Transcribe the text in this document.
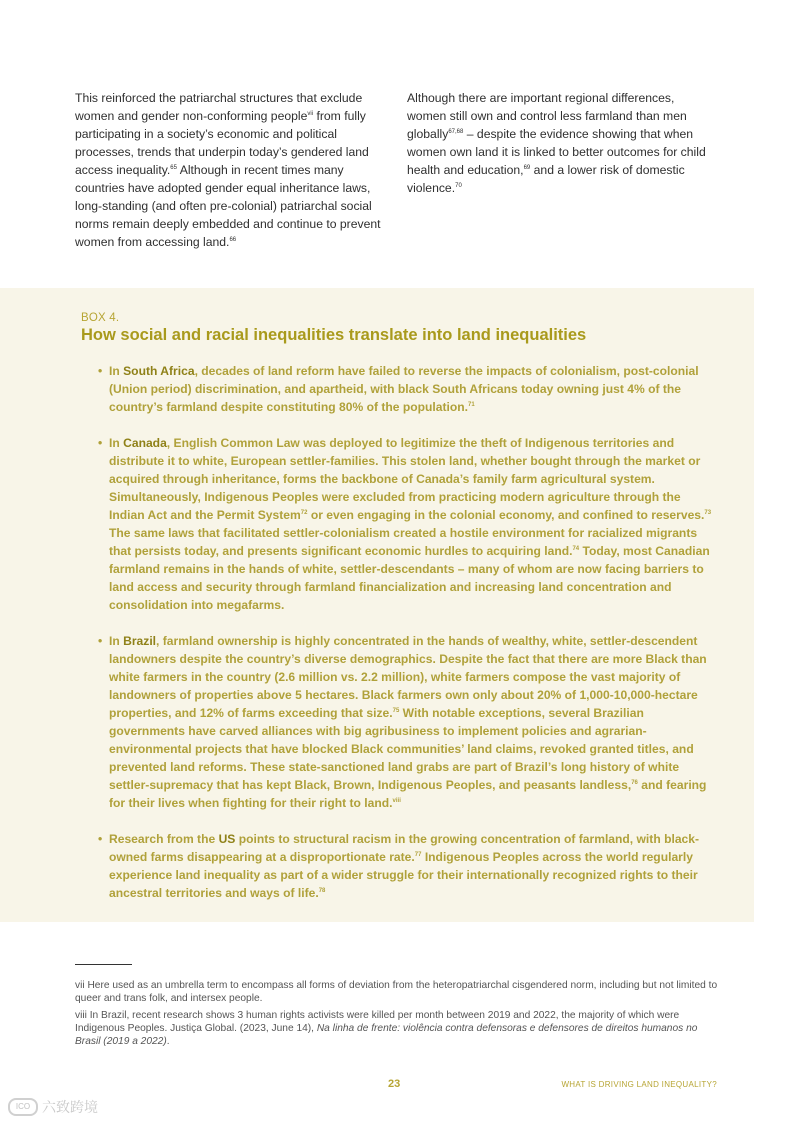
This reinforced the patriarchal structures that exclude women and gender non-conforming people$^{vii}$ from fully participating in a society’s economic and political processes, trends that underpin today’s gendered land access inequality.$^{65}$ Although in recent times many countries have adopted gender equal inheritance laws, long-standing (and often pre-colonial) patriarchal social norms remain deeply embedded and continue to prevent women from accessing land.$^{66}$
Although there are important regional differences, women still own and control less farmland than men globally$^{67,68}$ – despite the evidence showing that when women own land it is linked to better outcomes for child health and education,$^{69}$ and a lower risk of domestic violence.$^{70}$
BOX 4.
How social and racial inequalities translate into land inequalities
• In South Africa, decades of land reform have failed to reverse the impacts of colonialism, post-colonial (Union period) discrimination, and apartheid, with black South Africans today owning just 4% of the country’s farmland despite constituting 80% of the population.$^{71}$
• In Canada, English Common Law was deployed to legitimize the theft of Indigenous territories and distribute it to white, European settler-families. This stolen land, whether bought through the market or acquired through inheritance, forms the backbone of Canada’s family farm agricultural system. Simultaneously, Indigenous Peoples were excluded from practicing modern agriculture through the Indian Act and the Permit System$^{72}$ or even engaging in the colonial economy, and confined to reserves.$^{73}$ The same laws that facilitated settler-colonialism created a hostile environment for racialized migrants that persists today, and presents significant economic hurdles to acquiring land.$^{74}$ Today, most Canadian farmland remains in the hands of white, settler-descendants – many of whom are now facing barriers to land access and security through farmland financialization and increasing land concentration and consolidation into megafarms.
• In Brazil, farmland ownership is highly concentrated in the hands of wealthy, white, settler-descendent landowners despite the country’s diverse demographics. Despite the fact that there are more Black than white farmers in the country (2.6 million vs. 2.2 million), white farmers compose the vast majority of landowners of properties above 5 hectares. Black farmers own only about 20% of 1,000-10,000-hectare properties, and 12% of farms exceeding that size.$^{75}$ With notable exceptions, several Brazilian governments have carved alliances with big agribusiness to implement policies and agrarian-environmental projects that have blocked Black communities’ land claims, revoked granted titles, and prevented land reforms. These state-sanctioned land grabs are part of Brazil’s long history of white settler-supremacy that has kept Black, Brown, Indigenous Peoples, and peasants landless,$^{76}$ and fearing for their lives when fighting for their right to land.$^{viii}$
• Research from the US points to structural racism in the growing concentration of farmland, with black-owned farms disappearing at a disproportionate rate.$^{77}$ Indigenous Peoples across the world regularly experience land inequality as part of a wider struggle for their internationally recognized rights to their ancestral territories and ways of life.$^{78}$

vii Here used as an umbrella term to encompass all forms of deviation from the heteropatriarchal cisgendered norm, including but not limited to queer and trans folk, and intersex people.

viii In Brazil, recent research shows 3 human rights activists were killed per month between 2019 and 2022, the majority of which were Indigenous Peoples. Justiça Global. (2023, June 14), Na linha de frente: violência contra defensoras e defensores de direitos humanos no Brasil (2019 a 2022).

23	WHAT IS DRIVING LAND INEQUALITY?
ICO 六致跨境
